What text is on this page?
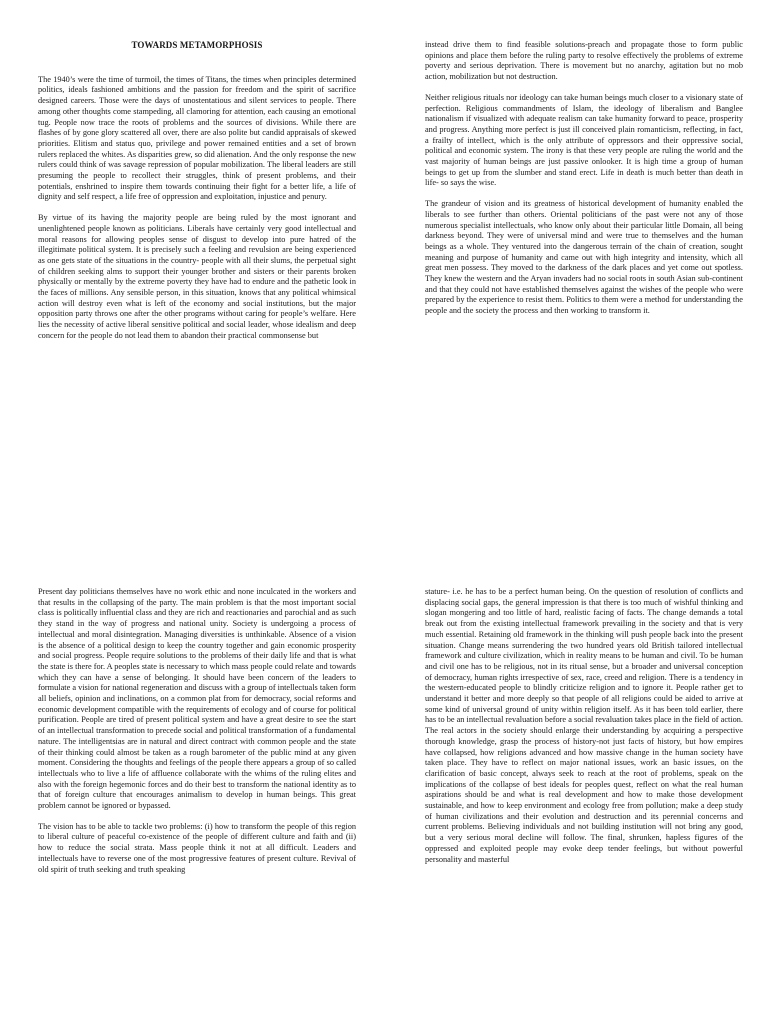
TOWARDS METAMORPHOSIS

The 1940’s were the time of turmoil, the times of Titans, the times when principles determined politics, ideals fashioned ambitions and the passion for freedom and the spirit of sacrifice designed careers. Those were the days of unostentatious and silent services to people. There among other thoughts come stampeding, all clamoring for attention, each causing an emotional tug. People now trace the roots of problems and the sources of divisions. While there are flashes of by gone glory scattered all over, there are also polite but candid appraisals of skewed priorities. Elitism and status quo, privilege and power remained entities and a set of brown rulers replaced the whites. As disparities grew, so did alienation. And the only response the new rulers could think of was savage repression of popular mobilization. The liberal leaders are still presuming the people to recollect their struggles, think of present problems, and their potentials, enshrined to inspire them towards continuing their fight for a better life, a life of dignity and self respect, a life free of oppression and exploitation, injustice and penury.

By virtue of its having the majority people are being ruled by the most ignorant and unenlightened people known as politicians. Liberals have certainly very good intellectual and moral reasons for allowing peoples sense of disgust to develop into pure hatred of the illegitimate political system. It is precisely such a feeling and revulsion are being experienced as one gets state of the situations in the country- people with all their slums, the perpetual sight of children seeking alms to support their younger brother and sisters or their parents broken physically or mentally by the extreme poverty they have had to endure and the pathetic look in the faces of millions. Any sensible person, in this situation, knows that any political whimsical action will destroy even what is left of the economy and social institutions, but the major opposition party throws one after the other programs without caring for people’s welfare. Here lies the necessity of active liberal sensitive political and social leader, whose idealism and deep concern for the people do not lead them to abandon their practical commonsense but

instead drive them to find feasible solutions-preach and propagate those to form public opinions and place them before the ruling party to resolve effectively the problems of extreme poverty and serious deprivation. There is movement but no anarchy, agitation but no mob action, mobilization but not destruction.

Neither religious rituals nor ideology can take human beings much closer to a visionary state of perfection. Religious commandments of Islam, the ideology of liberalism and Banglee nationalism if visualized with adequate realism can take humanity forward to peace, prosperity and progress. Anything more perfect is just ill conceived plain romanticism, reflecting, in fact, a frailty of intellect, which is the only attribute of oppressors and their oppressive social, political and economic system. The irony is that these very people are ruling the world and the vast majority of human beings are just passive onlooker. It is high time a group of human beings to get up from the slumber and stand erect. Life in death is much better than death in life- so says the wise.

The grandeur of vision and its greatness of historical development of humanity enabled the liberals to see further than others. Oriental politicians of the past were not any of those numerous specialist intellectuals, who know only about their particular little Domain, all being darkness beyond. They were of universal mind and were true to themselves and the human beings as a whole. They ventured into the dangerous terrain of the chain of creation, sought meaning and purpose of humanity and came out with high integrity and intensity, which all great men possess. They moved to the darkness of the dark places and yet come out spotless. They knew the western and the Aryan invaders had no social roots in south Asian sub-continent and that they could not have established themselves against the wishes of the people who were prepared by the experience to resist them. Politics to them were a method for understanding the people and the society the process and then working to transform it.

Present day politicians themselves have no work ethic and none inculcated in the workers and that results in the collapsing of the party. The main problem is that the most important social class is politically influential class and they are rich and reactionaries and parochial and as such they stand in the way of progress and national unity. Society is undergoing a process of intellectual and moral disintegration. Managing diversities is unthinkable. Absence of a vision is the absence of a political design to keep the country together and gain economic prosperity and social progress. People require solutions to the problems of their daily life and that is what the state is there for. A peoples state is necessary to which mass people could relate and towards which they can have a sense of belonging. It should have been concern of the leaders to formulate a vision for national regeneration and discuss with a group of intellectuals taken form all beliefs, opinion and inclinations, on a common plat from for democracy, social reforms and economic development compatible with the requirements of ecology and of course for political purification. People are tired of present political system and have a great desire to see the start of an intellectual transformation to precede social and political transformation of a fundamental nature. The intelligentsias are in natural and direct contract with common people and the state of their thinking could almost be taken as a rough barometer of the public mind at any given moment. Considering the thoughts and feelings of the people there appears a group of so called intellectuals who to live a life of affluence collaborate with the whims of the ruling elites and also with the foreign hegemonic forces and do their best to transform the national identity as to that of foreign culture that encourages animalism to develop in human beings. This great problem cannot be ignored or bypassed.

The vision has to be able to tackle two problems: (i) how to transform the people of this region to liberal culture of peaceful co-existence of the people of different culture and faith and (ii) how to reduce the social strata. Mass people think it not at all difficult. Leaders and intellectuals have to reverse one of the most progressive features of present culture. Revival of old spirit of truth seeking and truth speaking

stature- i.e. he has to be a perfect human being. On the question of resolution of conflicts and displacing social gaps, the general impression is that there is too much of wishful thinking and slogan mongering and too little of hard, realistic facing of facts. The change demands a total break out from the existing intellectual framework prevailing in the society and that is very much essential. Retaining old framework in the thinking will push people back into the present situation. Change means surrendering the two hundred years old British tailored intellectual framework and culture civilization, which in reality means to be human and civil. To be human and civil one has to be religious, not in its ritual sense, but a broader and universal conception of democracy, human rights irrespective of sex, race, creed and religion. There is a tendency in the western-educated people to blindly criticize religion and to ignore it. People rather get to understand it better and more deeply so that people of all religions could be aided to arrive at some kind of universal ground of unity within religion itself. As it has been told earlier, there has to be an intellectual revaluation before a social revaluation takes place in the field of action. The real actors in the society should enlarge their understanding by acquiring a perspective thorough knowledge, grasp the process of history-not just facts of history, but how empires have collapsed, how religions advanced and how massive change in the human society have taken place. They have to reflect on major national issues, work an basic issues, on the clarification of basic concept, always seek to reach at the root of problems, speak on the implications of the collapse of best ideals for peoples quest, reflect on what the real human aspirations should be and what is real development and how to make those development sustainable, and how to keep environment and ecology free from pollution; make a deep study of human civilizations and their evolution and destruction and its perennial concerns and current problems. Believing individuals and not building institution will not bring any good, but a very serious moral decline will follow. The final, shrunken, hapless figures of the oppressed and exploited people may evoke deep tender feelings, but without powerful personality and masterful
